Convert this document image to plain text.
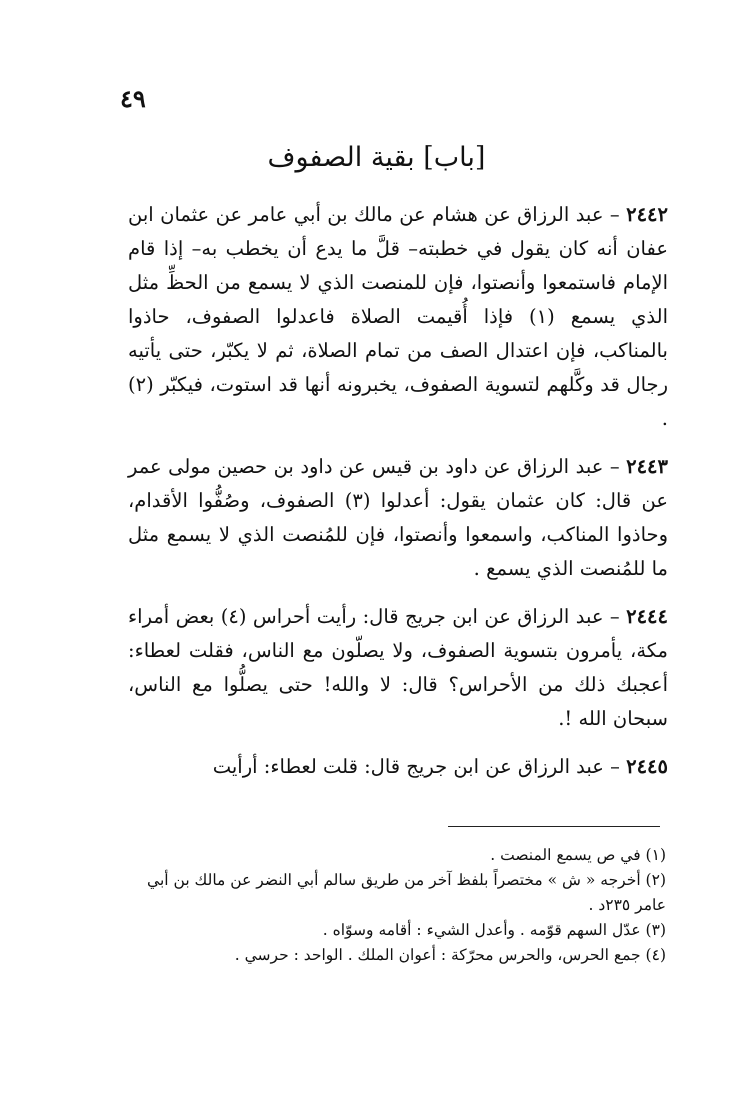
٤٩
[باب] بقية الصفوف

٢٤٤٢ – عبد الرزاق عن هشام عن مالك بن أبي عامر عن عثمان ابن عفان أنه كان يقول في خطبته– قلَّ ما يدع أن يخطب به– إذا قام الإمام فاستمعوا وأنصتوا، فإن للمنصت الذي لا يسمع من الحظِّ مثل الذي يسمع (١) فإذا أُقيمت الصلاة فاعدلوا الصفوف، حاذوا بالمناكب، فإن اعتدال الصف من تمام الصلاة، ثم لا يكبّر، حتى يأتيه رجال قد وكَّلهم لتسوية الصفوف، يخبرونه أنها قد استوت، فيكبّر (٢) .

٢٤٤٣ – عبد الرزاق عن داود بن قيس عن داود بن حصين مولى عمر عن قال: كان عثمان يقول: أعدلوا (٣) الصفوف، وصُفُّوا الأقدام، وحاذوا المناكب، واسمعوا وأنصتوا، فإن للمُنصت الذي لا يسمع مثل ما للمُنصت الذي يسمع .

٢٤٤٤ – عبد الرزاق عن ابن جريج قال: رأيت أحراس (٤) بعض أمراء مكة، يأمرون بتسوية الصفوف، ولا يصلّون مع الناس، فقلت لعطاء: أعجبك ذلك من الأحراس؟ قال: لا والله! حتى يصلُّوا مع الناس، سبحان الله !.

٢٤٤٥ – عبد الرزاق عن ابن جريج قال: قلت لعطاء: أرأيت

(١) في ص يسمع المنصت .

(٢) أخرجه « ش » مختصراً بلفظ آخر من طريق سالم أبي النضر عن مالك بن أبي عامر ٢٣٥د .

(٣) عدّل السهم قوّمه . وأعدل الشيء : أقامه وسوّاه .

(٤) جمع الحرس، والحرس محرّكة : أعوان الملك . الواحد : حرسي .
